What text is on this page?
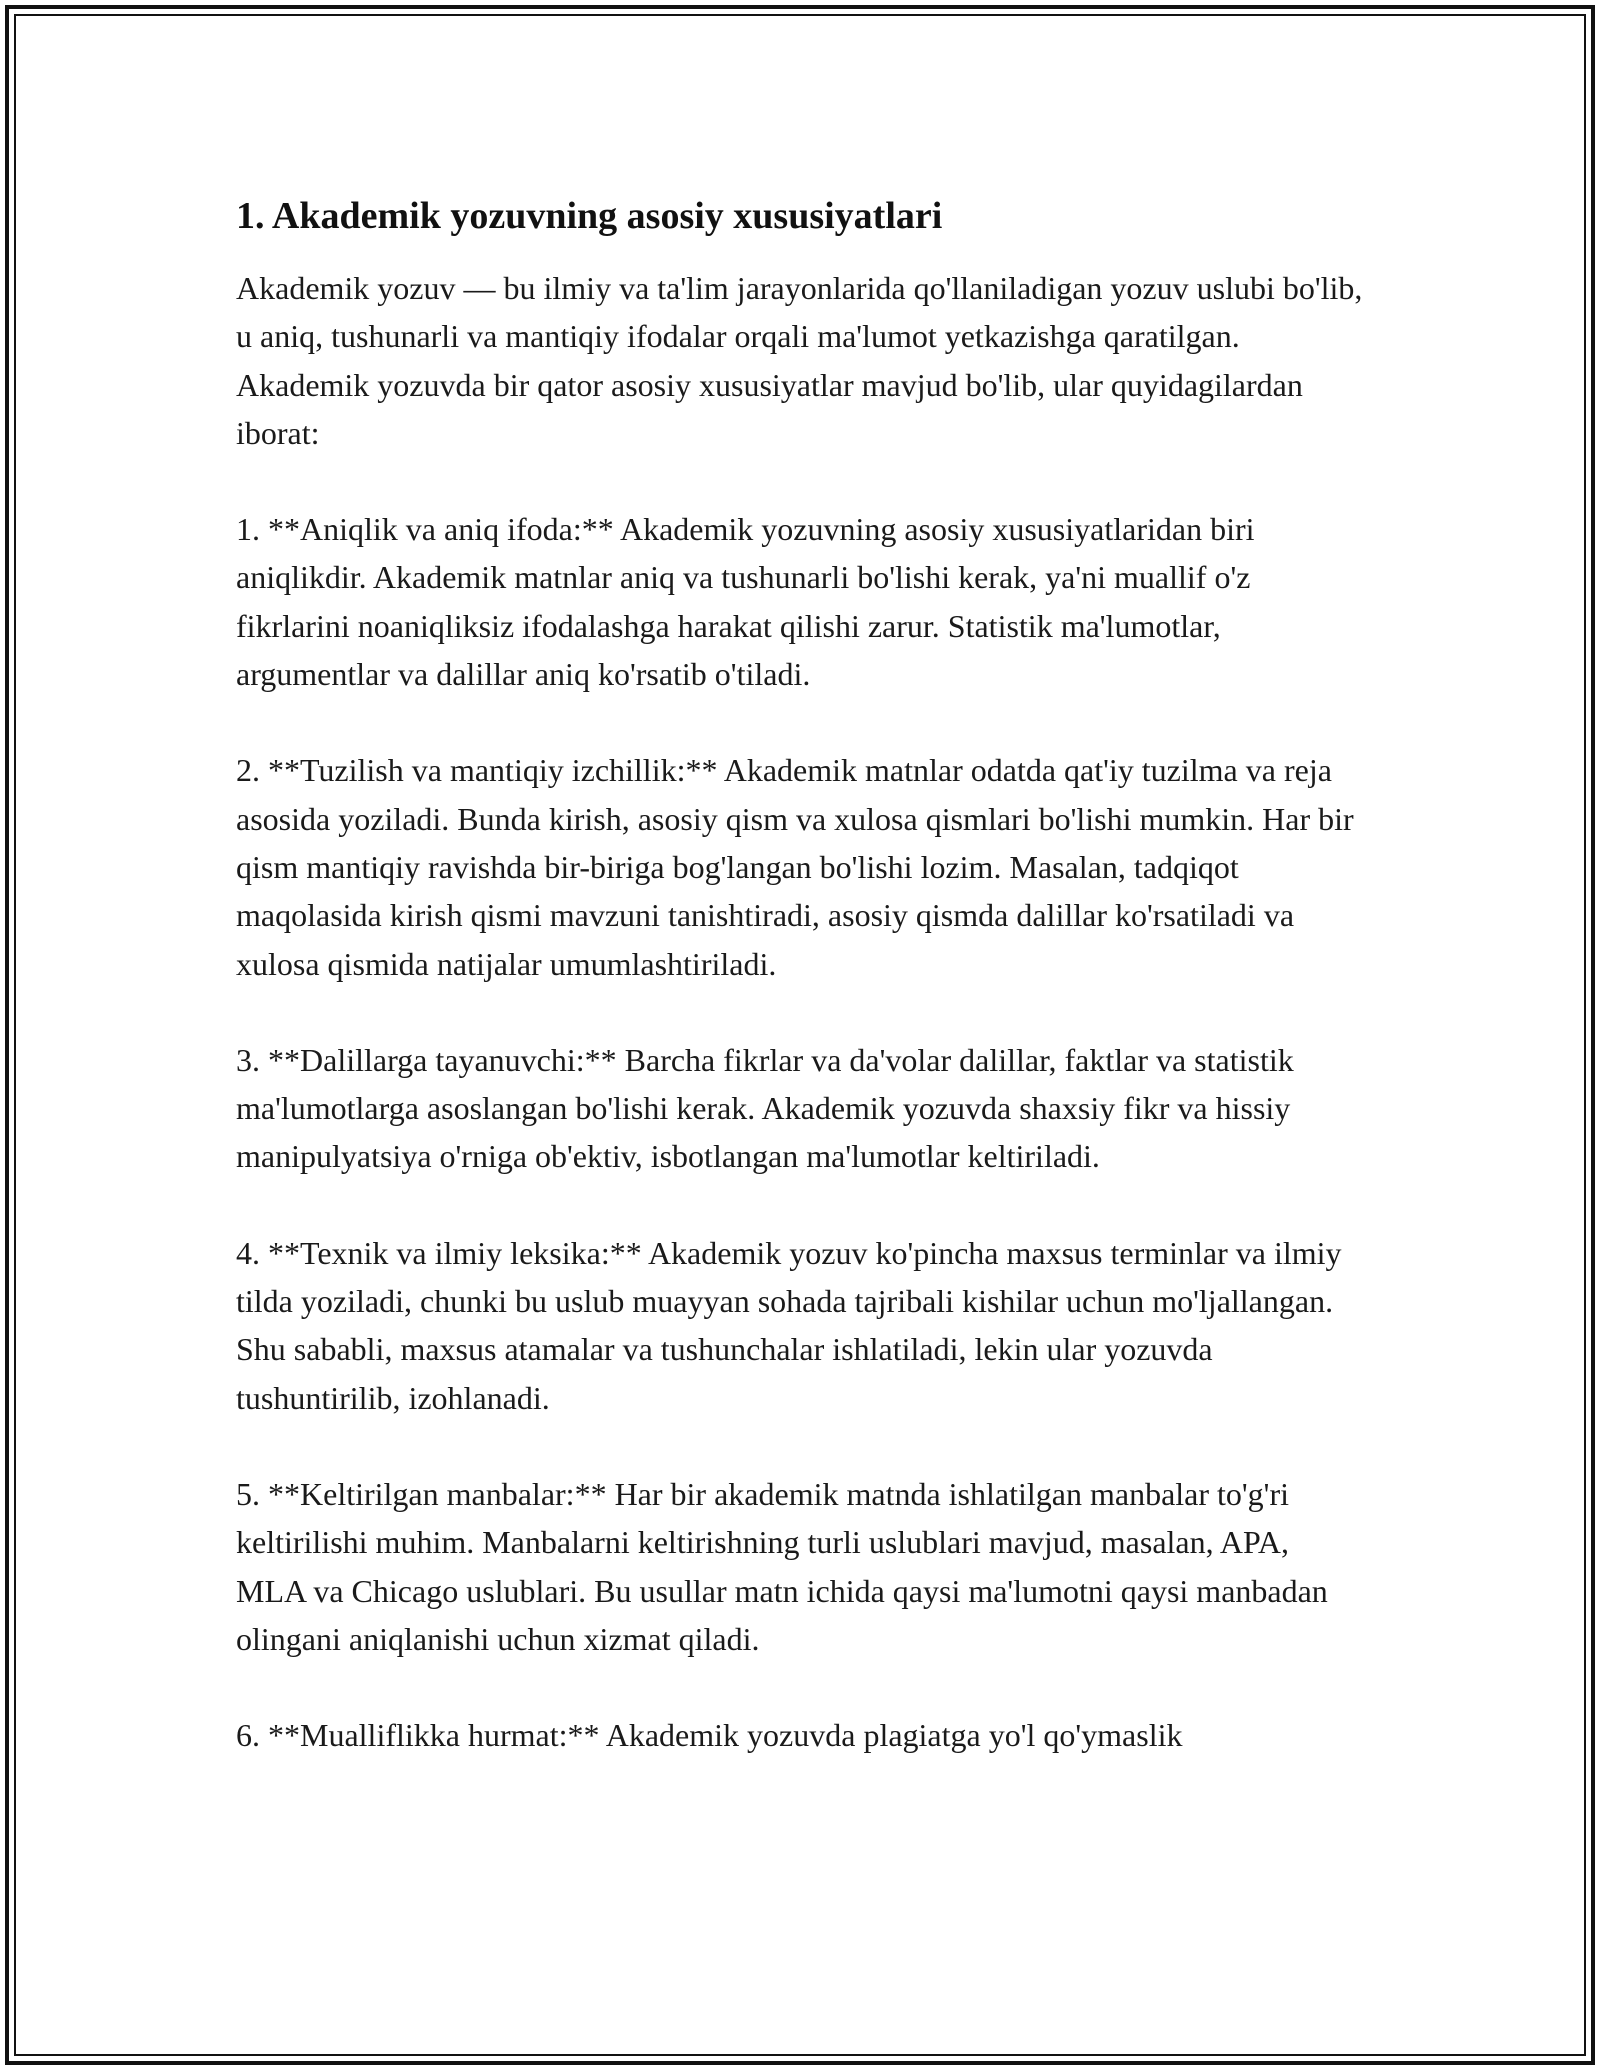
1. Akademik yozuvning asosiy xususiyatlari

Akademik yozuv — bu ilmiy va ta'lim jarayonlarida qo'llaniladigan yozuv uslubi bo'lib, u aniq, tushunarli va mantiqiy ifodalar orqali ma'lumot yetkazishga qaratilgan. Akademik yozuvda bir qator asosiy xususiyatlar mavjud bo'lib, ular quyidagilardan iborat:

1. **Aniqlik va aniq ifoda:** Akademik yozuvning asosiy xususiyatlaridan biri aniqlikdir. Akademik matnlar aniq va tushunarli bo'lishi kerak, ya'ni muallif o'z fikrlarini noaniqliksiz ifodalashga harakat qilishi zarur. Statistik ma'lumotlar, argumentlar va dalillar aniq ko'rsatib o'tiladi.

2. **Tuzilish va mantiqiy izchillik:** Akademik matnlar odatda qat'iy tuzilma va reja asosida yoziladi. Bunda kirish, asosiy qism va xulosa qismlari bo'lishi mumkin. Har bir qism mantiqiy ravishda bir-biriga bog'langan bo'lishi lozim. Masalan, tadqiqot maqolasida kirish qismi mavzuni tanishtiradi, asosiy qismda dalillar ko'rsatiladi va xulosa qismida natijalar umumlashtiriladi.

3. **Dalillarga tayanuvchi:** Barcha fikrlar va da'volar dalillar, faktlar va statistik ma'lumotlarga asoslangan bo'lishi kerak. Akademik yozuvda shaxsiy fikr va hissiy manipulyatsiya o'rniga ob'ektiv, isbotlangan ma'lumotlar keltiriladi.

4. **Texnik va ilmiy leksika:** Akademik yozuv ko'pincha maxsus terminlar va ilmiy tilda yoziladi, chunki bu uslub muayyan sohada tajribali kishilar uchun mo'ljallangan. Shu sababli, maxsus atamalar va tushunchalar ishlatiladi, lekin ular yozuvda tushuntirilib, izohlanadi.

5. **Keltirilgan manbalar:** Har bir akademik matnda ishlatilgan manbalar to'g'ri keltirilishi muhim. Manbalarni keltirishning turli uslublari mavjud, masalan, APA, MLA va Chicago uslublari. Bu usullar matn ichida qaysi ma'lumotni qaysi manbadan olingani aniqlanishi uchun xizmat qiladi.

6. **Mualliflikka hurmat:** Akademik yozuvda plagiatga yo'l qo'ymaslik
